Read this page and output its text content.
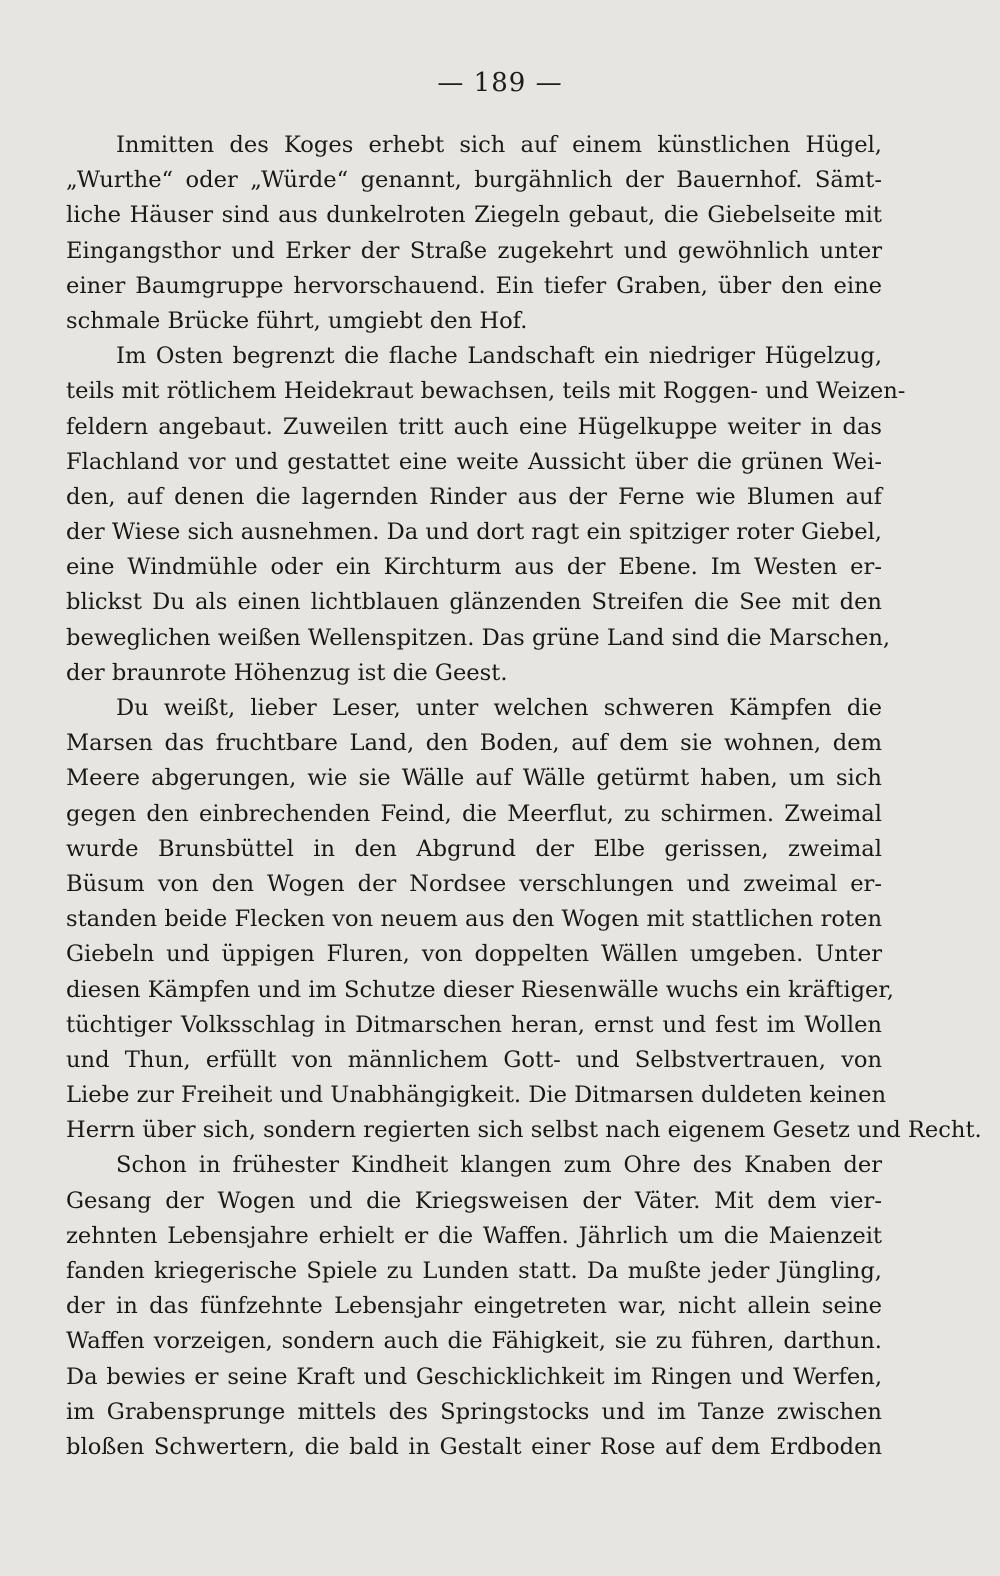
— 189 —
Inmitten des Koges erhebt sich auf einem künstlichen Hügel,
„Wurthe“ oder „Würde“ genannt, burgähnlich der Bauernhof. Sämt-
liche Häuser sind aus dunkelroten Ziegeln gebaut, die Giebelseite mit
Eingangsthor und Erker der Straße zugekehrt und gewöhnlich unter
einer Baumgruppe hervorschauend. Ein tiefer Graben, über den eine
schmale Brücke führt, umgiebt den Hof.
Im Osten begrenzt die flache Landschaft ein niedriger Hügelzug,
teils mit rötlichem Heidekraut bewachsen, teils mit Roggen- und Weizen-
feldern angebaut. Zuweilen tritt auch eine Hügelkuppe weiter in das
Flachland vor und gestattet eine weite Aussicht über die grünen Wei-
den, auf denen die lagernden Rinder aus der Ferne wie Blumen auf
der Wiese sich ausnehmen. Da und dort ragt ein spitziger roter Giebel,
eine Windmühle oder ein Kirchturm aus der Ebene. Im Westen er-
blickst Du als einen lichtblauen glänzenden Streifen die See mit den
beweglichen weißen Wellenspitzen. Das grüne Land sind die Marschen,
der braunrote Höhenzug ist die Geest.
Du weißt, lieber Leser, unter welchen schweren Kämpfen die
Marsen das fruchtbare Land, den Boden, auf dem sie wohnen, dem
Meere abgerungen, wie sie Wälle auf Wälle getürmt haben, um sich
gegen den einbrechenden Feind, die Meerflut, zu schirmen. Zweimal
wurde Brunsbüttel in den Abgrund der Elbe gerissen, zweimal
Büsum von den Wogen der Nordsee verschlungen und zweimal er-
standen beide Flecken von neuem aus den Wogen mit stattlichen roten
Giebeln und üppigen Fluren, von doppelten Wällen umgeben. Unter
diesen Kämpfen und im Schutze dieser Riesenwälle wuchs ein kräftiger,
tüchtiger Volksschlag in Ditmarschen heran, ernst und fest im Wollen
und Thun, erfüllt von männlichem Gott- und Selbstvertrauen, von
Liebe zur Freiheit und Unabhängigkeit. Die Ditmarsen duldeten keinen
Herrn über sich, sondern regierten sich selbst nach eigenem Gesetz und Recht.
Schon in frühester Kindheit klangen zum Ohre des Knaben der
Gesang der Wogen und die Kriegsweisen der Väter. Mit dem vier-
zehnten Lebensjahre erhielt er die Waffen. Jährlich um die Maienzeit
fanden kriegerische Spiele zu Lunden statt. Da mußte jeder Jüngling,
der in das fünfzehnte Lebensjahr eingetreten war, nicht allein seine
Waffen vorzeigen, sondern auch die Fähigkeit, sie zu führen, darthun.
Da bewies er seine Kraft und Geschicklichkeit im Ringen und Werfen,
im Grabensprunge mittels des Springstocks und im Tanze zwischen
bloßen Schwertern, die bald in Gestalt einer Rose auf dem Erdboden
